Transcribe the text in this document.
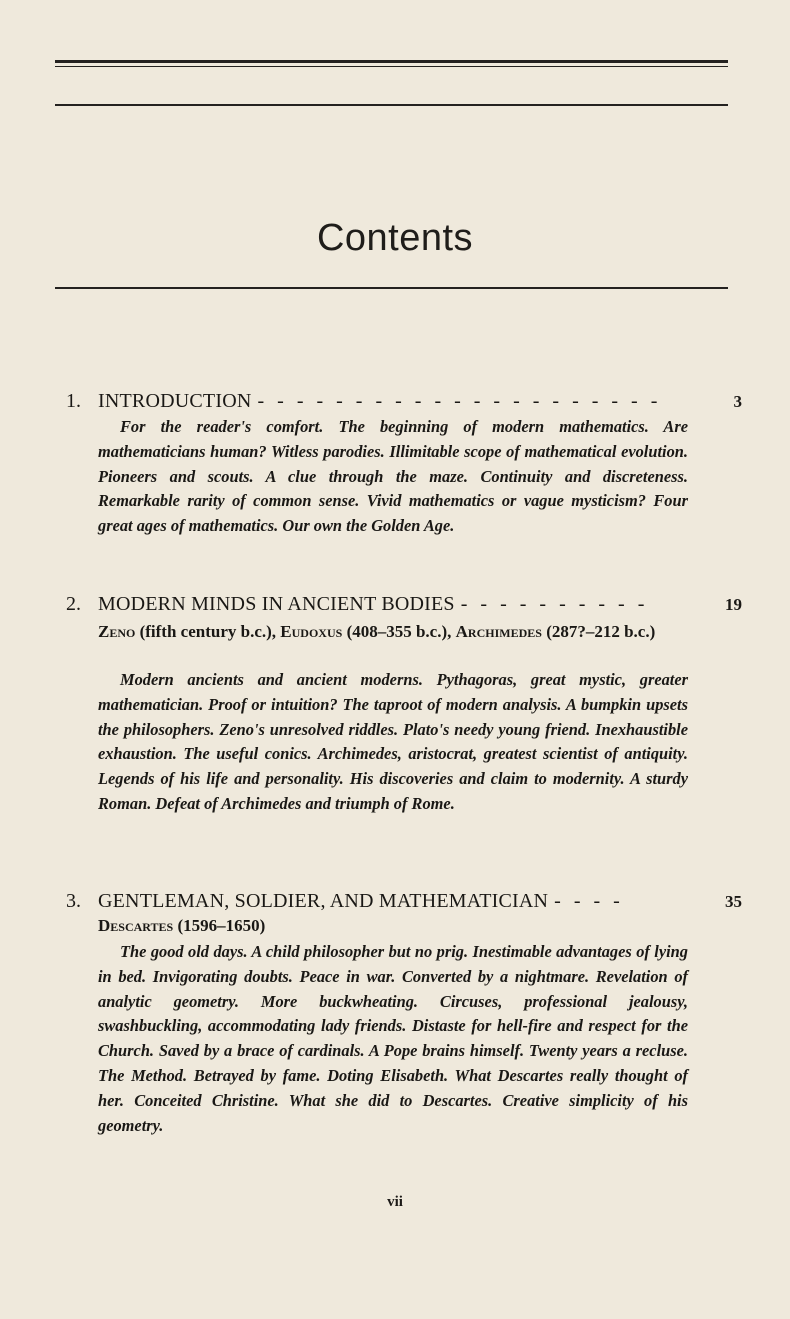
Contents
1. INTRODUCTION - - - - - - - - - - - - - - - - - - - - -	3
For the reader's comfort. The beginning of modern mathematics. Are mathematicians human? Witless parodies. Illimitable scope of mathematical evolution. Pioneers and scouts. A clue through the maze. Continuity and discreteness. Remarkable rarity of common sense. Vivid mathematics or vague mysticism? Four great ages of mathematics. Our own the Golden Age.
2. MODERN MINDS IN ANCIENT BODIES - - - - - - - - - -	19
Zeno (fifth century b.c.), Eudoxus (408–355 b.c.), Archimedes (287?–212 b.c.)
Modern ancients and ancient moderns. Pythagoras, great mystic, greater mathematician. Proof or intuition? The taproot of modern analysis. A bumpkin upsets the philosophers. Zeno's unresolved riddles. Plato's needy young friend. Inexhaustible exhaustion. The useful conics. Archimedes, aristocrat, greatest scientist of antiquity. Legends of his life and personality. His discoveries and claim to modernity. A sturdy Roman. Defeat of Archimedes and triumph of Rome.
3. GENTLEMAN, SOLDIER, AND MATHEMATICIAN - - - -	35
Descartes (1596–1650)
The good old days. A child philosopher but no prig. Inestimable advantages of lying in bed. Invigorating doubts. Peace in war. Converted by a nightmare. Revelation of analytic geometry. More buckwheating. Circuses, professional jealousy, swashbuckling, accommodating lady friends. Distaste for hell-fire and respect for the Church. Saved by a brace of cardinals. A Pope brains himself. Twenty years a recluse. The Method. Betrayed by fame. Doting Elisabeth. What Descartes really thought of her. Conceited Christine. What she did to Descartes. Creative simplicity of his geometry.
vii
